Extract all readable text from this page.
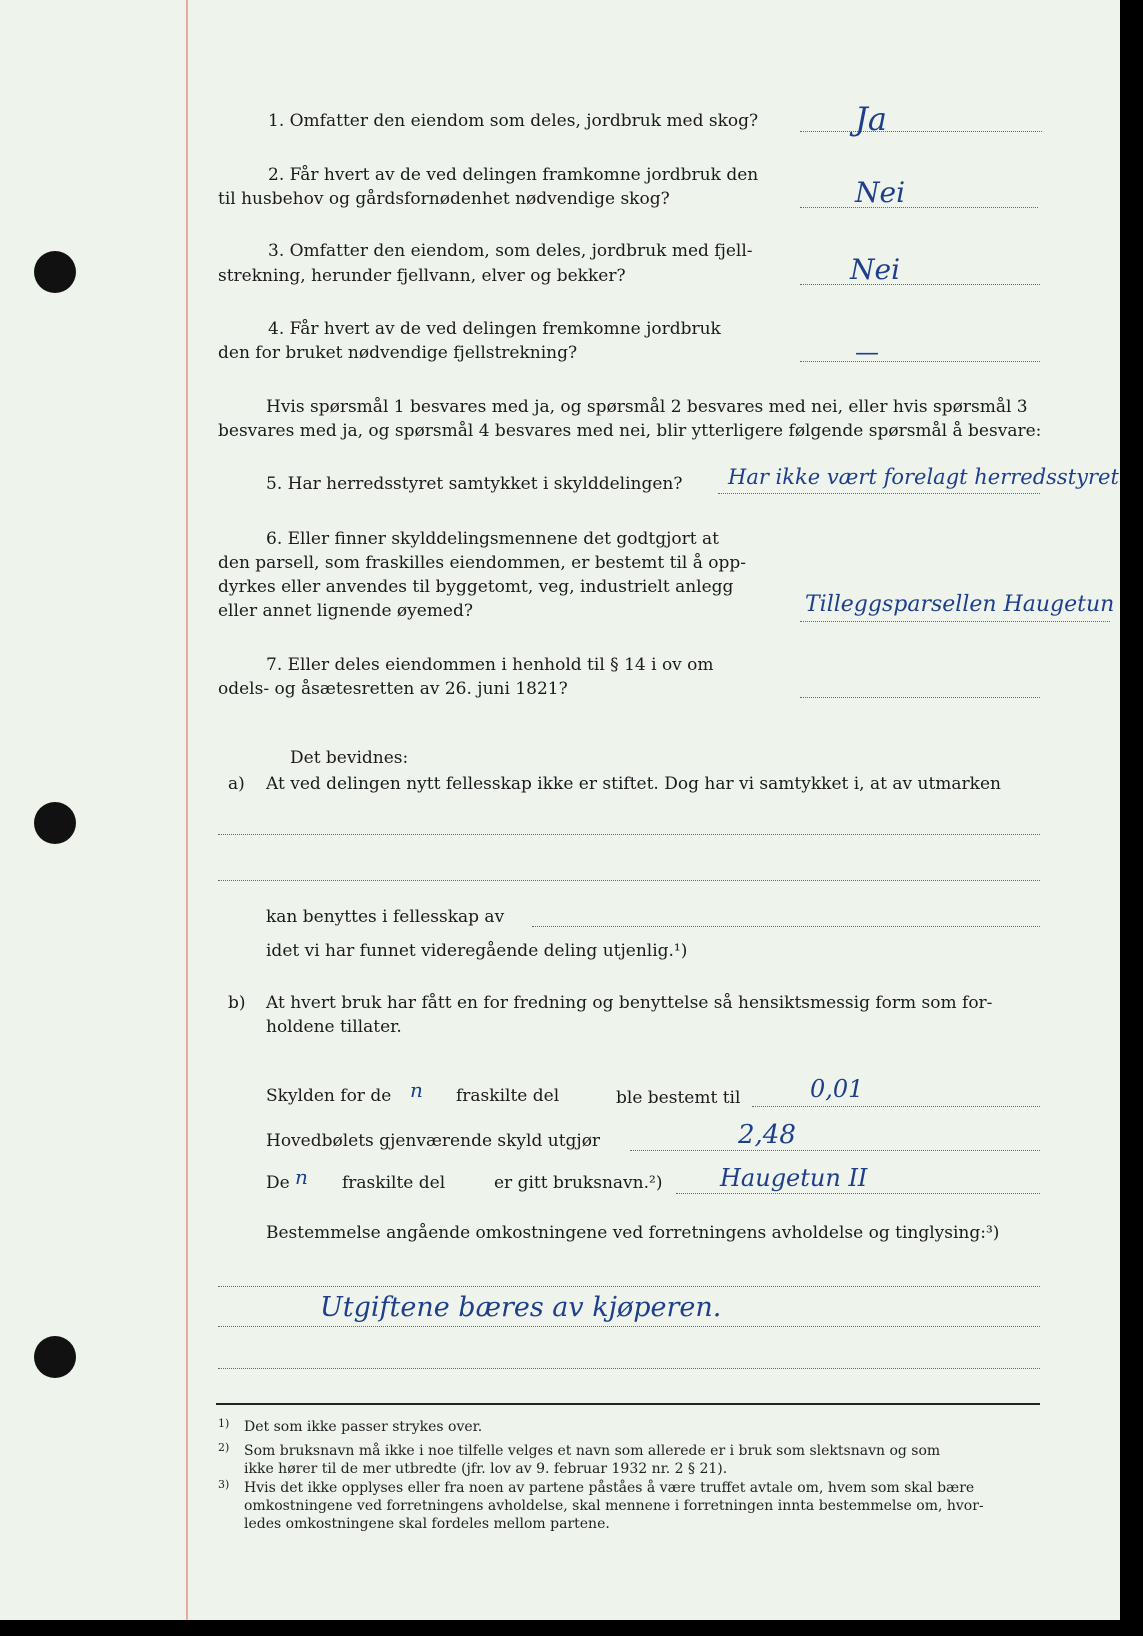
1. Omfatter den eiendom som deles, jordbruk med skog?	Ja
2. Får hvert av de ved delingen framkomne jordbruk den
til husbehov og gårdsfornødenhet nødvendige skog?	Nei
3. Omfatter den eiendom, som deles, jordbruk med fjell-
strekning, herunder fjellvann, elver og bekker?	Nei
4. Får hvert av de ved delingen fremkomne jordbruk
den for bruket nødvendige fjellstrekning?	—
Hvis spørsmål 1 besvares med ja, og spørsmål 2 besvares med nei, eller hvis spørsmål 3
besvares med ja, og spørsmål 4 besvares med nei, blir ytterligere følgende spørsmål å besvare:
5. Har herredsstyret samtykket i skylddelingen? Har ikke vært forelagt herredsstyret
6. Eller finner skylddelingsmennene det godtgjort at
den parsell, som fraskilles eiendommen, er bestemt til å opp-
dyrkes eller anvendes til byggetomt, veg, industrielt anlegg
eller annet lignende øyemed?	Tilleggsparsellen Haugetun
7. Eller deles eiendommen i henhold til § 14 i ov om
odels- og åsætesretten av 26. juni 1821?
Det bevidnes:
a) At ved delingen nytt fellesskap ikke er stiftet. Dog har vi samtykket i, at av utmarken
kan benyttes i fellesskap av
idet vi har funnet videregående deling utjenlig.¹)
b) At hvert bruk har fått en for fredning og benyttelse så hensiktsmessig form som for-
holdene tillater.
Skylden for de n fraskilte del	ble bestemt til	0,01
Hovedbølets gjenværende skyld utgjør	2,48
De n fraskilte del	er gitt bruksnavn.²) Haugetun II
Bestemmelse angående omkostningene ved forretningens avholdelse og tinglysing:³)
Utgiftene bæres av kjøperen.
1) Det som ikke passer strykes over.
2) Som bruksnavn må ikke i noe tilfelle velges et navn som allerede er i bruk som slektsnavn og som
ikke hører til de mer utbredte (jfr. lov av 9. februar 1932 nr. 2 § 21).
3) Hvis det ikke opplyses eller fra noen av partene påståes å være truffet avtale om, hvem som skal bære
omkostningene ved forretningens avholdelse, skal mennene i forretningen innta bestemmelse om, hvor-
ledes omkostningene skal fordeles mellom partene.
